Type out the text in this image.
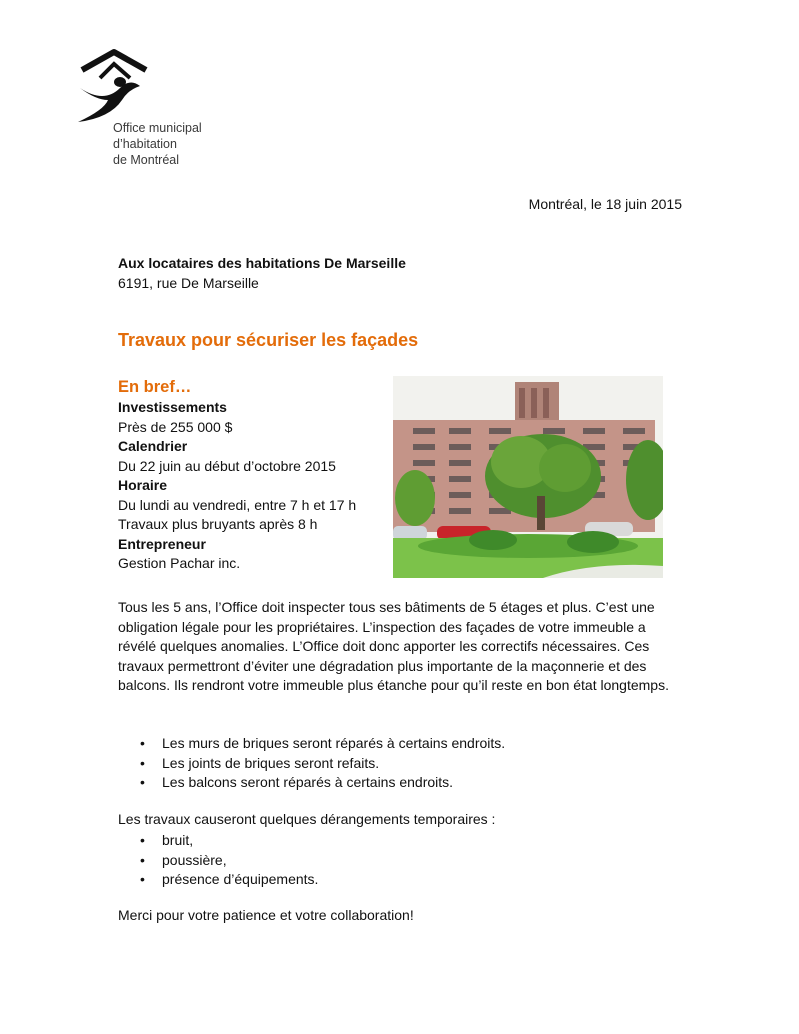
Office municipal
d’habitation
de Montréal
Montréal, le 18 juin 2015
Aux locataires des habitations De Marseille
6191, rue De Marseille
Travaux pour sécuriser les façades
En bref…
Investissements
Près de 255 000 $
Calendrier
Du 22 juin au début d’octobre 2015
Horaire
Du lundi au vendredi, entre 7 h et 17 h
Travaux plus bruyants après 8 h
Entrepreneur
Gestion Pachar inc.
Tous les 5 ans, l’Office doit inspecter tous ses bâtiments de 5 étages et plus. C’est une obligation légale pour les propriétaires. L’inspection des façades de votre immeuble a révélé quelques anomalies. L’Office doit donc apporter les correctifs nécessaires. Ces travaux permettront d’éviter une dégradation plus importante de la maçonnerie et des balcons. Ils rendront votre immeuble plus étanche pour qu’il reste en bon état longtemps.
• Les murs de briques seront réparés à certains endroits.
• Les joints de briques seront refaits.
• Les balcons seront réparés à certains endroits.
Les travaux causeront quelques dérangements temporaires :
• bruit,
• poussière,
• présence d’équipements.
Merci pour votre patience et votre collaboration!
